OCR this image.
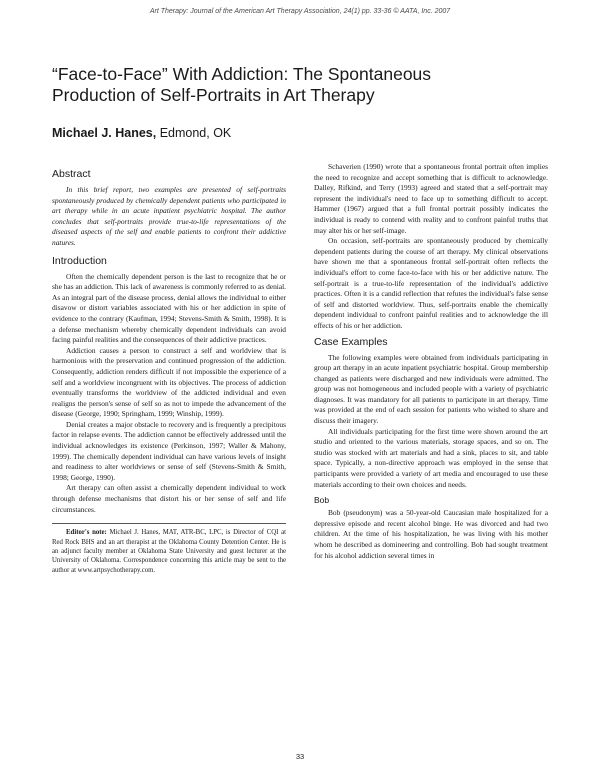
Art Therapy: Journal of the American Art Therapy Association, 24(1) pp. 33-36 © AATA, Inc. 2007
“Face-to-Face” With Addiction: The Spontaneous
Production of Self-Portraits in Art Therapy

Michael J. Hanes, Edmond, OK

Abstract

In this brief report, two examples are presented of self-portraits spontaneously produced by chemically dependent patients who participated in art therapy while in an acute inpatient psychiatric hospital. The author concludes that self-portraits provide true-to-life representations of the diseased aspects of the self and enable patients to confront their addictive natures.

Introduction

Often the chemically dependent person is the last to recognize that he or she has an addiction. This lack of awareness is commonly referred to as denial. As an integral part of the disease process, denial allows the individual to either disavow or distort variables associated with his or her addiction in spite of evidence to the contrary (Kaufman, 1994; Stevens-Smith & Smith, 1998). It is a defense mechanism whereby chemically dependent individuals can avoid facing painful realities and the consequences of their addictive practices.

Addiction causes a person to construct a self and worldview that is harmonious with the preservation and continued progression of the addiction. Consequently, addiction renders difficult if not impossible the experience of a self and a worldview incongruent with its objectives. The process of addiction eventually transforms the worldview of the addicted individual and even realigns the person's sense of self so as not to impede the advancement of the disease (George, 1990; Springham, 1999; Winship, 1999).

Denial creates a major obstacle to recovery and is frequently a precipitous factor in relapse events. The addiction cannot be effectively addressed until the individual acknowledges its existence (Perkinson, 1997; Waller & Mahony, 1999). The chemically dependent individual can have various levels of insight and readiness to alter worldviews or sense of self (Stevens-Smith & Smith, 1998; George, 1990).

Art therapy can often assist a chemically dependent individual to work through defense mechanisms that distort his or her sense of self and life circumstances.

Editor's note: Michael J. Hanes, MAT, ATR-BC, LPC, is Director of CQI at Red Rock BHS and an art therapist at the Oklahoma County Detention Center. He is an adjunct faculty member at Oklahoma State University and guest lecturer at the University of Oklahoma. Correspondence concerning this article may be sent to the author at www.artpsychotherapy.com.

Schaverien (1990) wrote that a spontaneous frontal portrait often implies the need to recognize and accept something that is difficult to acknowledge. Dalley, Rifkind, and Terry (1993) agreed and stated that a self-portrait may represent the individual's need to face up to something difficult to accept. Hammer (1967) argued that a full frontal portrait possibly indicates the individual is ready to contend with reality and to confront painful truths that may alter his or her self-image.

On occasion, self-portraits are spontaneously produced by chemically dependent patients during the course of art therapy. My clinical observations have shown me that a spontaneous frontal self-portrait often reflects the individual's effort to come face-to-face with his or her addictive nature. The self-portrait is a true-to-life representation of the individual's addictive practices. Often it is a candid reflection that refutes the individual's false sense of self and distorted worldview. Thus, self-portraits enable the chemically dependent individual to confront painful realities and to acknowledge the ill effects of his or her addiction.

Case Examples

The following examples were obtained from individuals participating in group art therapy in an acute inpatient psychiatric hospital. Group membership changed as patients were discharged and new individuals were admitted. The group was not homogeneous and included people with a variety of psychiatric diagnoses. It was mandatory for all patients to participate in art therapy. Time was provided at the end of each session for patients who wished to share and discuss their imagery.

All individuals participating for the first time were shown around the art studio and oriented to the various materials, storage spaces, and so on. The studio was stocked with art materials and had a sink, places to sit, and table space. Typically, a non-directive approach was employed in the sense that participants were provided a variety of art media and encouraged to use these materials according to their own choices and needs.

Bob

Bob (pseudonym) was a 50-year-old Caucasian male hospitalized for a depressive episode and recent alcohol binge. He was divorced and had two children. At the time of his hospitalization, he was living with his mother whom he described as domineering and controlling. Bob had sought treatment for his alcohol addiction several times in

33
